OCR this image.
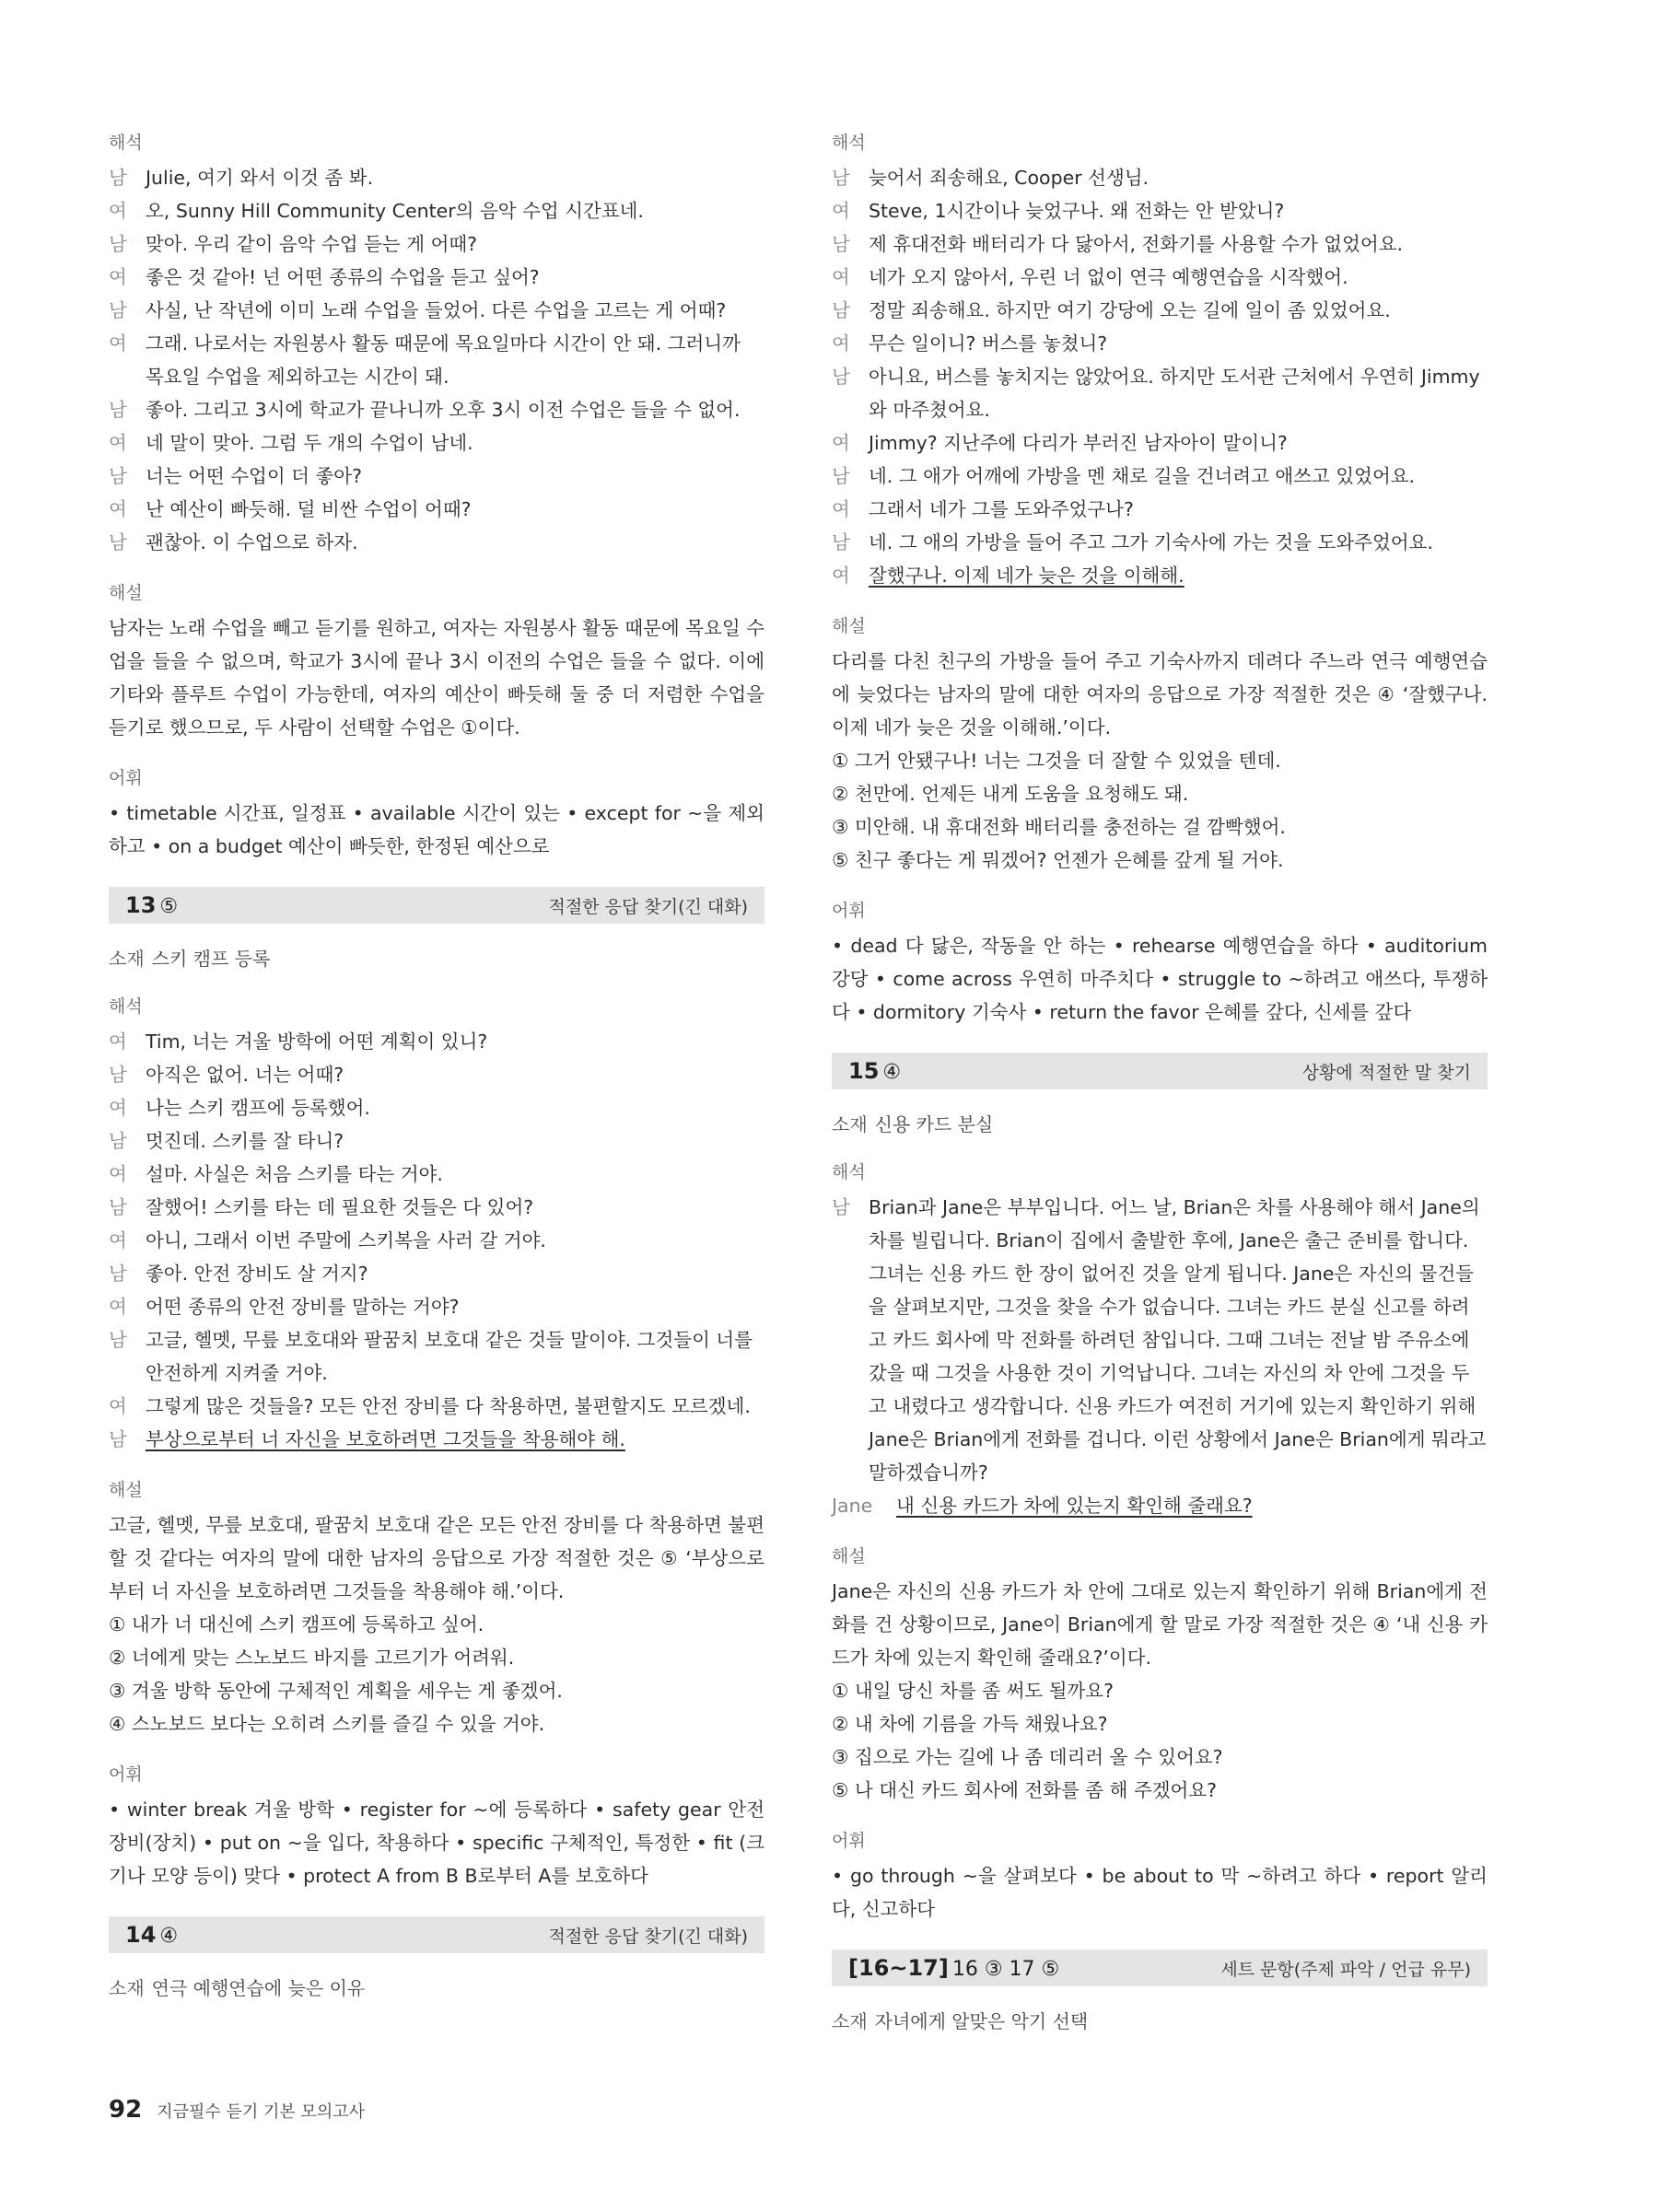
해석

남 Julie, 여기 와서 이것 좀 봐.
여 오, Sunny Hill Community Center의 음악 수업 시간표네.
남 맞아. 우리 같이 음악 수업 듣는 게 어때?
여 좋은 것 같아! 넌 어떤 종류의 수업을 듣고 싶어?
남 사실, 난 작년에 이미 노래 수업을 들었어. 다른 수업을 고르는 게 어때?
여 그래. 나로서는 자원봉사 활동 때문에 목요일마다 시간이 안 돼. 그러니까 목요일 수업을 제외하고는 시간이 돼.
남 좋아. 그리고 3시에 학교가 끝나니까 오후 3시 이전 수업은 들을 수 없어.
여 네 말이 맞아. 그럼 두 개의 수업이 남네.
남 너는 어떤 수업이 더 좋아?
여 난 예산이 빠듯해. 덜 비싼 수업이 어때?
남 괜찮아. 이 수업으로 하자.

해설

남자는 노래 수업을 빼고 듣기를 원하고, 여자는 자원봉사 활동 때문에 목요일 수업을 들을 수 없으며, 학교가 3시에 끝나 3시 이전의 수업은 들을 수 없다. 이에 기타와 플루트 수업이 가능한데, 여자의 예산이 빠듯해 둘 중 더 저렴한 수업을 듣기로 했으므로, 두 사람이 선택할 수업은 ①이다.

어휘

• timetable 시간표, 일정표 • available 시간이 있는 • except for ~을 제외하고 • on a budget 예산이 빠듯한, 한정된 예산으로

13 ⑤	적절한 응답 찾기(긴 대화)

소재 스키 캠프 등록

해석

여 Tim, 너는 겨울 방학에 어떤 계획이 있니?
남 아직은 없어. 너는 어때?
여 나는 스키 캠프에 등록했어.
남 멋진데. 스키를 잘 타니?
여 설마. 사실은 처음 스키를 타는 거야.
남 잘했어! 스키를 타는 데 필요한 것들은 다 있어?
여 아니, 그래서 이번 주말에 스키복을 사러 갈 거야.
남 좋아. 안전 장비도 살 거지?
여 어떤 종류의 안전 장비를 말하는 거야?
남 고글, 헬멧, 무릎 보호대와 팔꿈치 보호대 같은 것들 말이야. 그것들이 너를 안전하게 지켜줄 거야.
여 그렇게 많은 것들을? 모든 안전 장비를 다 착용하면, 불편할지도 모르겠네.
남 부상으로부터 너 자신을 보호하려면 그것들을 착용해야 해.

해설

고글, 헬멧, 무릎 보호대, 팔꿈치 보호대 같은 모든 안전 장비를 다 착용하면 불편할 것 같다는 여자의 말에 대한 남자의 응답으로 가장 적절한 것은 ⑤ ‘부상으로부터 너 자신을 보호하려면 그것들을 착용해야 해.’이다.

① 내가 너 대신에 스키 캠프에 등록하고 싶어.

② 너에게 맞는 스노보드 바지를 고르기가 어려워.

③ 겨울 방학 동안에 구체적인 계획을 세우는 게 좋겠어.

④ 스노보드 보다는 오히려 스키를 즐길 수 있을 거야.

어휘

• winter break 겨울 방학 • register for ~에 등록하다 • safety gear 안전 장비(장치) • put on ~을 입다, 착용하다 • specific 구체적인, 특정한 • fit (크기나 모양 등이) 맞다 • protect A from B B로부터 A를 보호하다

14 ④	적절한 응답 찾기(긴 대화)

소재 연극 예행연습에 늦은 이유

해석

남 늦어서 죄송해요, Cooper 선생님.
여 Steve, 1시간이나 늦었구나. 왜 전화는 안 받았니?
남 제 휴대전화 배터리가 다 닳아서, 전화기를 사용할 수가 없었어요.
여 네가 오지 않아서, 우린 너 없이 연극 예행연습을 시작했어.
남 정말 죄송해요. 하지만 여기 강당에 오는 길에 일이 좀 있었어요.
여 무슨 일이니? 버스를 놓쳤니?
남 아니요, 버스를 놓치지는 않았어요. 하지만 도서관 근처에서 우연히 Jimmy와 마주쳤어요.
여 Jimmy? 지난주에 다리가 부러진 남자아이 말이니?
남 네. 그 애가 어깨에 가방을 멘 채로 길을 건너려고 애쓰고 있었어요.
여 그래서 네가 그를 도와주었구나?
남 네. 그 애의 가방을 들어 주고 그가 기숙사에 가는 것을 도와주었어요.
여 잘했구나. 이제 네가 늦은 것을 이해해.

해설

다리를 다친 친구의 가방을 들어 주고 기숙사까지 데려다 주느라 연극 예행연습에 늦었다는 남자의 말에 대한 여자의 응답으로 가장 적절한 것은 ④ ‘잘했구나. 이제 네가 늦은 것을 이해해.’이다.

① 그거 안됐구나! 너는 그것을 더 잘할 수 있었을 텐데.

② 천만에. 언제든 내게 도움을 요청해도 돼.

③ 미안해. 내 휴대전화 배터리를 충전하는 걸 깜빡했어.

⑤ 친구 좋다는 게 뭐겠어? 언젠가 은혜를 갚게 될 거야.

어휘

• dead 다 닳은, 작동을 안 하는 • rehearse 예행연습을 하다 • auditorium 강당 • come across 우연히 마주치다 • struggle to ~하려고 애쓰다, 투쟁하다 • dormitory 기숙사 • return the favor 은혜를 갚다, 신세를 갚다

15 ④	상황에 적절한 말 찾기

소재 신용 카드 분실

해석

남 Brian과 Jane은 부부입니다. 어느 날, Brian은 차를 사용해야 해서 Jane의 차를 빌립니다. Brian이 집에서 출발한 후에, Jane은 출근 준비를 합니다. 그녀는 신용 카드 한 장이 없어진 것을 알게 됩니다. Jane은 자신의 물건들을 살펴보지만, 그것을 찾을 수가 없습니다. 그녀는 카드 분실 신고를 하려고 카드 회사에 막 전화를 하려던 참입니다. 그때 그녀는 전날 밤 주유소에 갔을 때 그것을 사용한 것이 기억납니다. 그녀는 자신의 차 안에 그것을 두고 내렸다고 생각합니다. 신용 카드가 여전히 거기에 있는지 확인하기 위해 Jane은 Brian에게 전화를 겁니다. 이런 상황에서 Jane은 Brian에게 뭐라고 말하겠습니까?
Jane	내 신용 카드가 차에 있는지 확인해 줄래요?

해설

Jane은 자신의 신용 카드가 차 안에 그대로 있는지 확인하기 위해 Brian에게 전화를 건 상황이므로, Jane이 Brian에게 할 말로 가장 적절한 것은 ④ ‘내 신용 카드가 차에 있는지 확인해 줄래요?’이다.

① 내일 당신 차를 좀 써도 될까요?

② 내 차에 기름을 가득 채웠나요?

③ 집으로 가는 길에 나 좀 데리러 올 수 있어요?

⑤ 나 대신 카드 회사에 전화를 좀 해 주겠어요?

어휘

• go through ~을 살펴보다 • be about to 막 ~하려고 하다 • report 알리다, 신고하다

[16~17] 16 ③ 17 ⑤	세트 문항(주제 파악 / 언급 유무)

소재 자녀에게 알맞은 악기 선택

92 지금필수 듣기 기본 모의고사
